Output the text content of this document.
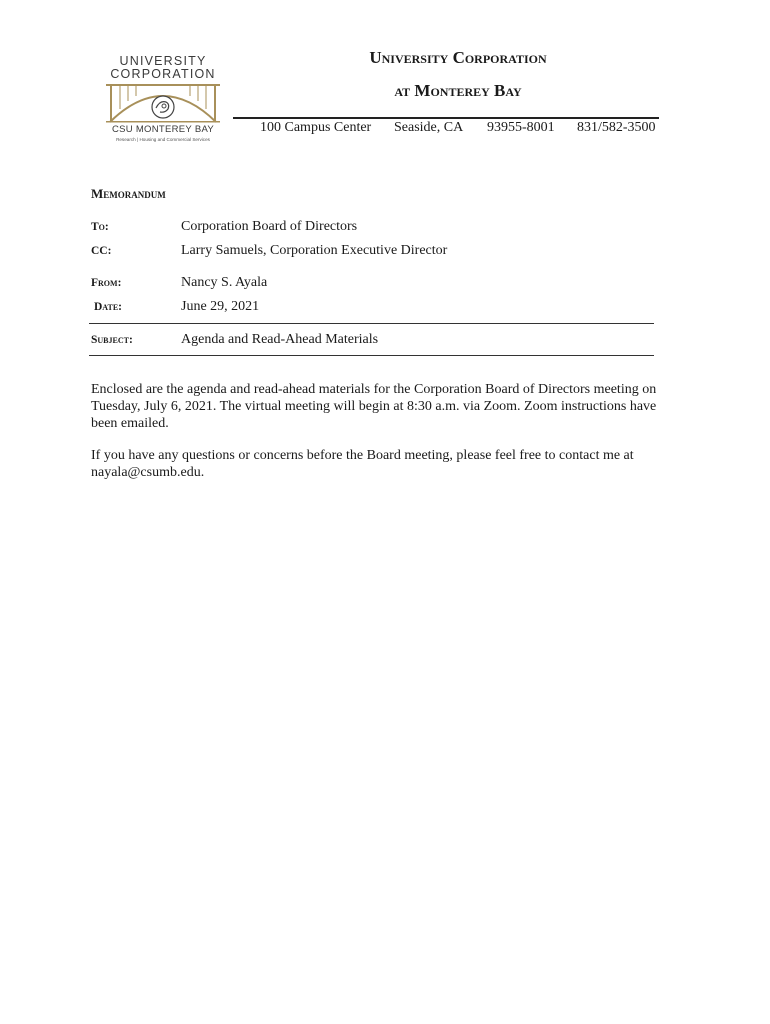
UNIVERSITY
CORPORATION
CSU MONTEREY BAY
Research | Housing and Commercial Services
University Corporation
at Monterey Bay
100 Campus Center Seaside, CA 93955-8001 831/582-3500
Memorandum
To:	Corporation Board of Directors
CC:	Larry Samuels, Corporation Executive Director
From:	Nancy S. Ayala
Date:	June 29, 2021
Subject:	Agenda and Read-Ahead Materials
Enclosed are the agenda and read-ahead materials for the Corporation Board of Directors meeting on Tuesday, July 6, 2021. The virtual meeting will begin at 8:30 a.m. via Zoom. Zoom instructions have been emailed.
If you have any questions or concerns before the Board meeting, please feel free to contact me at nayala@csumb.edu.
